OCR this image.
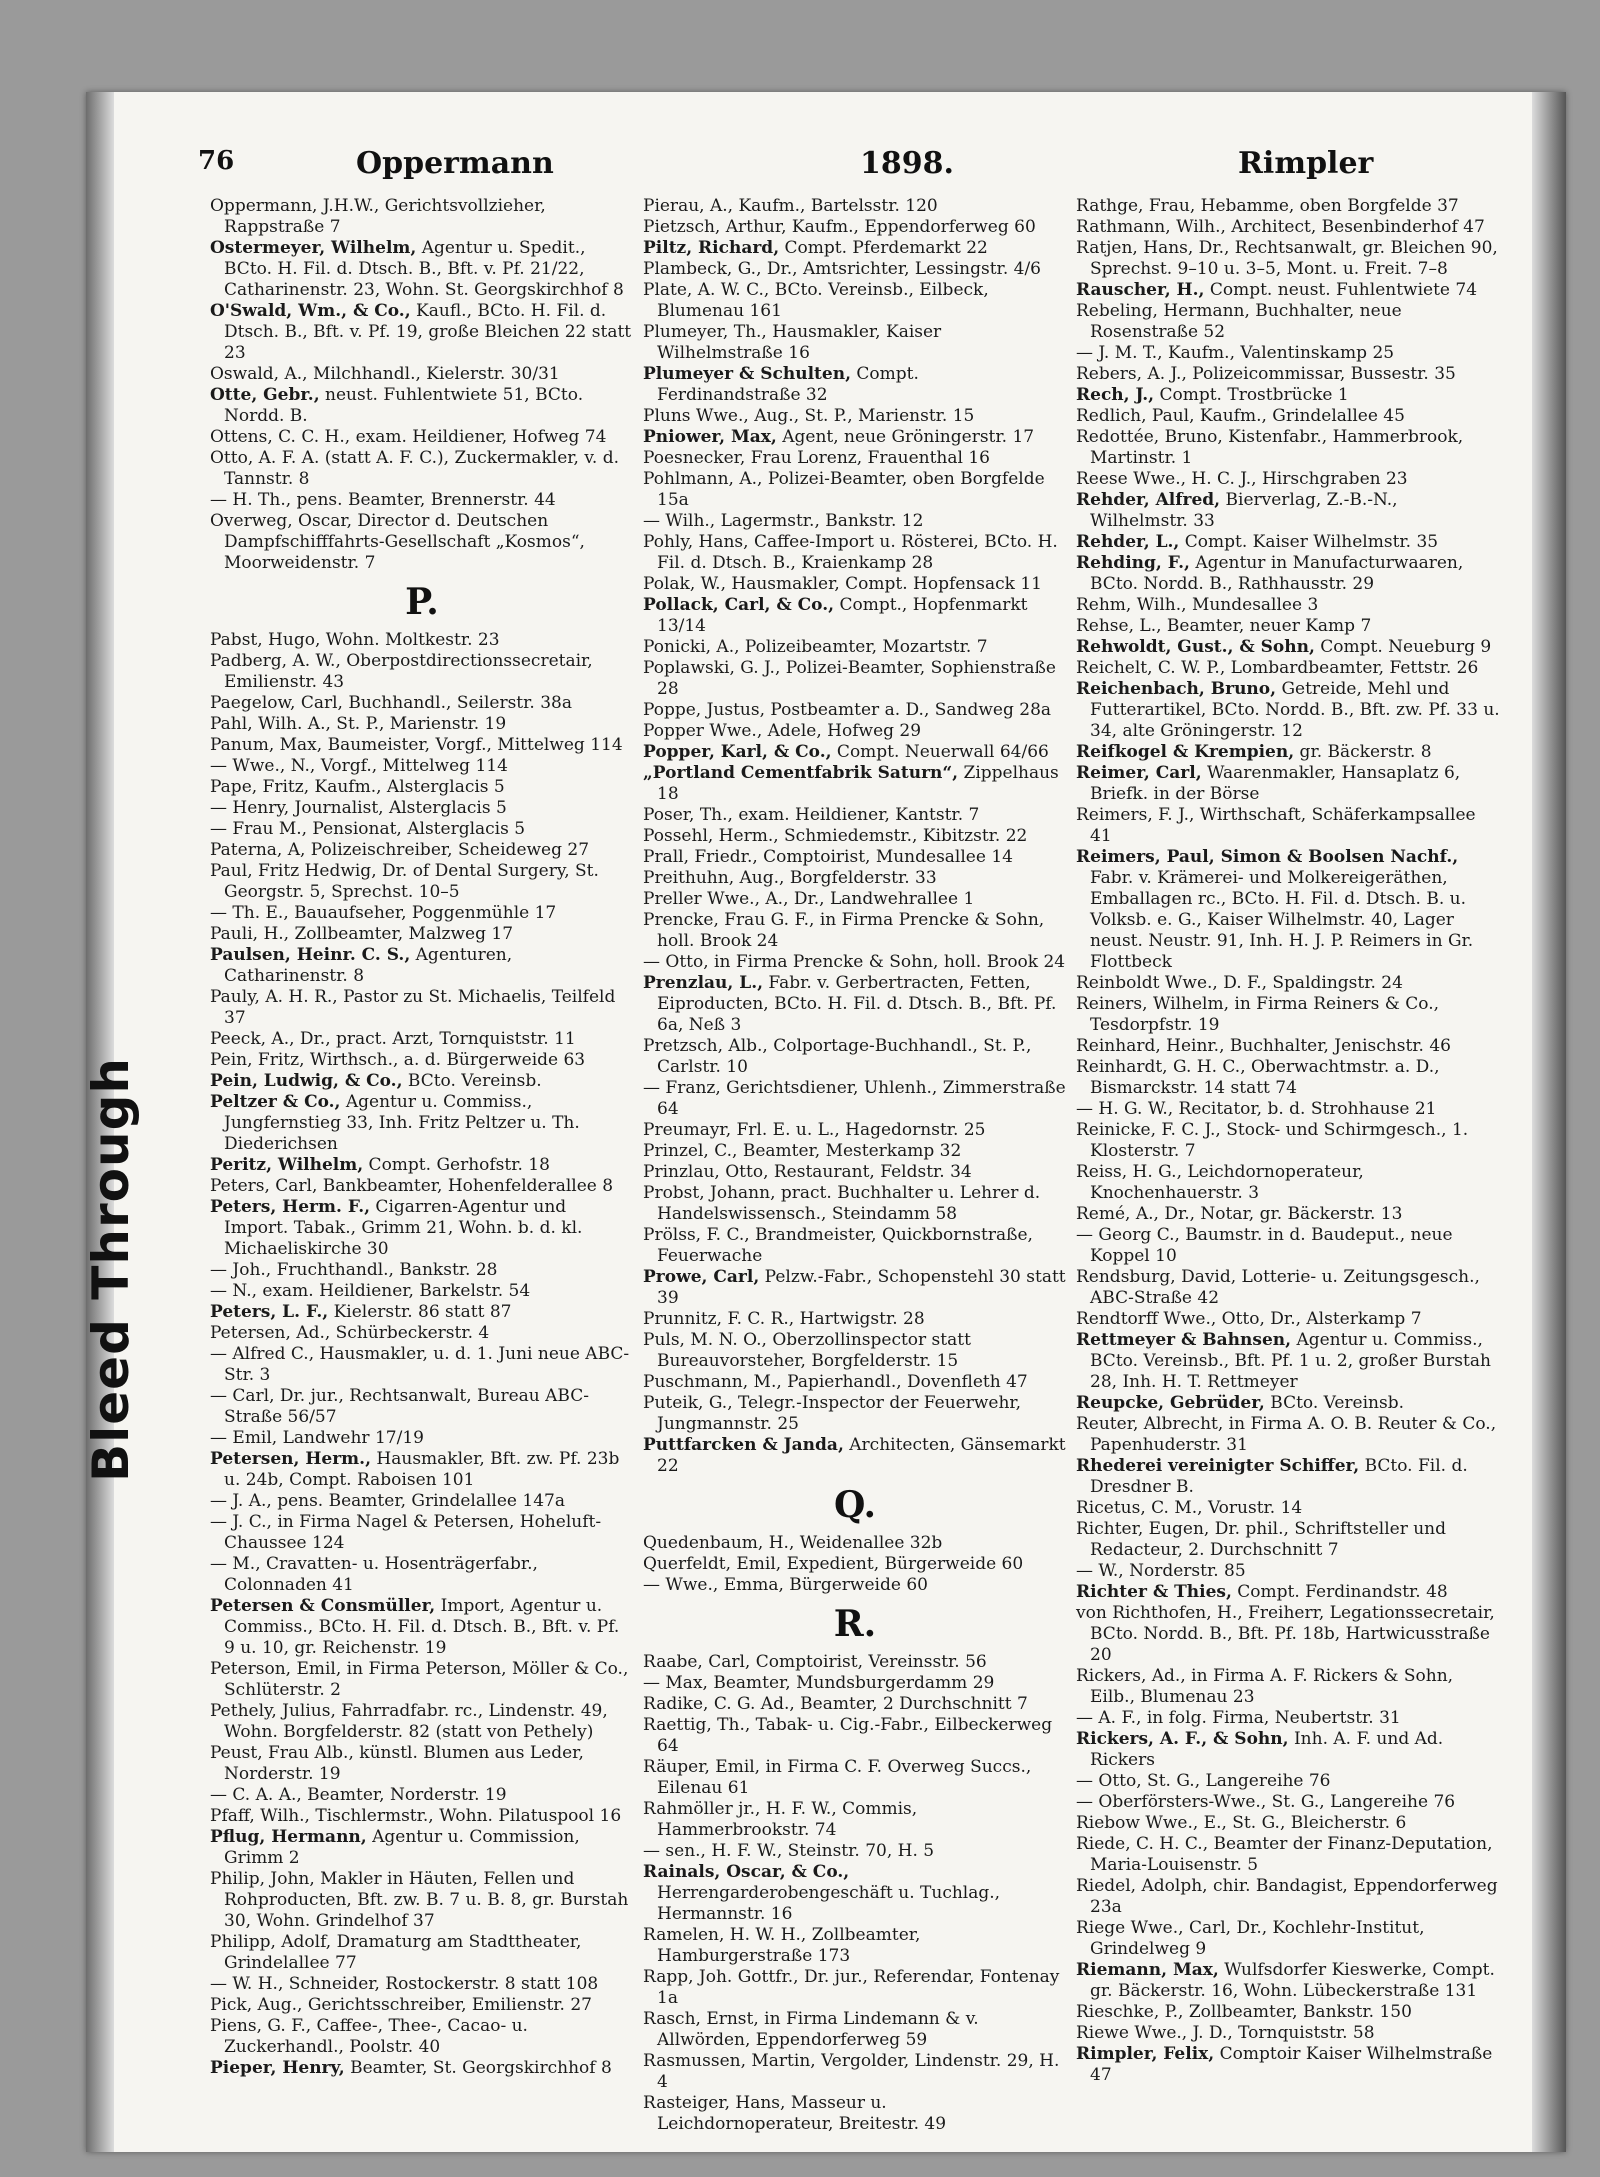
Bleed Through
76	Oppermann	1898.	Rimpler

Oppermann, J.H.W., Gerichtsvollzieher, Rappstraße 7

Ostermeyer, Wilhelm, Agentur u. Spedit., BCto. H. Fil. d. Dtsch. B., Bft. v. Pf. 21/22, Catharinenstr. 23, Wohn. St. Georgskirchhof 8

O'Swald, Wm., & Co., Kaufl., BCto. H. Fil. d. Dtsch. B., Bft. v. Pf. 19, große Bleichen 22 statt 23

Oswald, A., Milchhandl., Kielerstr. 30/31

Otte, Gebr., neust. Fuhlentwiete 51, BCto. Nordd. B.

Ottens, C. C. H., exam. Heildiener, Hofweg 74

Otto, A. F. A. (statt A. F. C.), Zuckermakler, v. d. Tannstr. 8

— H. Th., pens. Beamter, Brennerstr. 44

Overweg, Oscar, Director d. Deutschen Dampfschifffahrts-Gesellschaft „Kosmos“, Moorweidenstr. 7

P.

Pabst, Hugo, Wohn. Moltkestr. 23

Padberg, A. W., Oberpostdirectionssecretair, Emilienstr. 43

Paegelow, Carl, Buchhandl., Seilerstr. 38a

Pahl, Wilh. A., St. P., Marienstr. 19

Panum, Max, Baumeister, Vorgf., Mittelweg 114

— Wwe., N., Vorgf., Mittelweg 114

Pape, Fritz, Kaufm., Alsterglacis 5

— Henry, Journalist, Alsterglacis 5

— Frau M., Pensionat, Alsterglacis 5

Paterna, A, Polizeischreiber, Scheideweg 27

Paul, Fritz Hedwig, Dr. of Dental Surgery, St. Georgstr. 5, Sprechst. 10–5

— Th. E., Bauaufseher, Poggenmühle 17

Pauli, H., Zollbeamter, Malzweg 17

Paulsen, Heinr. C. S., Agenturen, Catharinenstr. 8

Pauly, A. H. R., Pastor zu St. Michaelis, Teilfeld 37

Peeck, A., Dr., pract. Arzt, Tornquiststr. 11

Pein, Fritz, Wirthsch., a. d. Bürgerweide 63

Pein, Ludwig, & Co., BCto. Vereinsb.

Peltzer & Co., Agentur u. Commiss., Jungfernstieg 33, Inh. Fritz Peltzer u. Th. Diederichsen

Peritz, Wilhelm, Compt. Gerhofstr. 18

Peters, Carl, Bankbeamter, Hohenfelderallee 8

Peters, Herm. F., Cigarren-Agentur und Import. Tabak., Grimm 21, Wohn. b. d. kl. Michaeliskirche 30

— Joh., Fruchthandl., Bankstr. 28

— N., exam. Heildiener, Barkelstr. 54

Peters, L. F., Kielerstr. 86 statt 87

Petersen, Ad., Schürbeckerstr. 4

— Alfred C., Hausmakler, u. d. 1. Juni neue ABC-Str. 3

— Carl, Dr. jur., Rechtsanwalt, Bureau ABC-Straße 56/57

— Emil, Landwehr 17/19

Petersen, Herm., Hausmakler, Bft. zw. Pf. 23b u. 24b, Compt. Raboisen 101

— J. A., pens. Beamter, Grindelallee 147a

— J. C., in Firma Nagel & Petersen, Hoheluft-Chaussee 124

— M., Cravatten- u. Hosenträgerfabr., Colonnaden 41

Petersen & Consmüller, Import, Agentur u. Commiss., BCto. H. Fil. d. Dtsch. B., Bft. v. Pf. 9 u. 10, gr. Reichenstr. 19

Peterson, Emil, in Firma Peterson, Möller & Co., Schlüterstr. 2

Pethely, Julius, Fahrradfabr. rc., Lindenstr. 49, Wohn. Borgfelderstr. 82 (statt von Pethely)

Peust, Frau Alb., künstl. Blumen aus Leder, Norderstr. 19

— C. A. A., Beamter, Norderstr. 19

Pfaff, Wilh., Tischlermstr., Wohn. Pilatuspool 16

Pflug, Hermann, Agentur u. Commission, Grimm 2

Philip, John, Makler in Häuten, Fellen und Rohproducten, Bft. zw. B. 7 u. B. 8, gr. Burstah 30, Wohn. Grindelhof 37

Philipp, Adolf, Dramaturg am Stadttheater, Grindelallee 77

— W. H., Schneider, Rostockerstr. 8 statt 108

Pick, Aug., Gerichtsschreiber, Emilienstr. 27

Piens, G. F., Caffee-, Thee-, Cacao- u. Zuckerhandl., Poolstr. 40

Pieper, Henry, Beamter, St. Georgskirchhof 8

Pierau, A., Kaufm., Bartelsstr. 120

Pietzsch, Arthur, Kaufm., Eppendorferweg 60

Piltz, Richard, Compt. Pferdemarkt 22

Plambeck, G., Dr., Amtsrichter, Lessingstr. 4/6

Plate, A. W. C., BCto. Vereinsb., Eilbeck, Blumenau 161

Plumeyer, Th., Hausmakler, Kaiser Wilhelmstraße 16

Plumeyer & Schulten, Compt. Ferdinandstraße 32

Pluns Wwe., Aug., St. P., Marienstr. 15

Pniower, Max, Agent, neue Gröningerstr. 17

Poesnecker, Frau Lorenz, Frauenthal 16

Pohlmann, A., Polizei-Beamter, oben Borgfelde 15a

— Wilh., Lagermstr., Bankstr. 12

Pohly, Hans, Caffee-Import u. Rösterei, BCto. H. Fil. d. Dtsch. B., Kraienkamp 28

Polak, W., Hausmakler, Compt. Hopfensack 11

Pollack, Carl, & Co., Compt., Hopfenmarkt 13/14

Ponicki, A., Polizeibeamter, Mozartstr. 7

Poplawski, G. J., Polizei-Beamter, Sophienstraße 28

Poppe, Justus, Postbeamter a. D., Sandweg 28a

Popper Wwe., Adele, Hofweg 29

Popper, Karl, & Co., Compt. Neuerwall 64/66

„Portland Cementfabrik Saturn“, Zippelhaus 18

Poser, Th., exam. Heildiener, Kantstr. 7

Possehl, Herm., Schmiedemstr., Kibitzstr. 22

Prall, Friedr., Comptoirist, Mundesallee 14

Preithuhn, Aug., Borgfelderstr. 33

Preller Wwe., A., Dr., Landwehrallee 1

Prencke, Frau G. F., in Firma Prencke & Sohn, holl. Brook 24

— Otto, in Firma Prencke & Sohn, holl. Brook 24

Prenzlau, L., Fabr. v. Gerbertracten, Fetten, Eiproducten, BCto. H. Fil. d. Dtsch. B., Bft. Pf. 6a, Neß 3

Pretzsch, Alb., Colportage-Buchhandl., St. P., Carlstr. 10

— Franz, Gerichtsdiener, Uhlenh., Zimmerstraße 64

Preumayr, Frl. E. u. L., Hagedornstr. 25

Prinzel, C., Beamter, Mesterkamp 32

Prinzlau, Otto, Restaurant, Feldstr. 34

Probst, Johann, pract. Buchhalter u. Lehrer d. Handelswissensch., Steindamm 58

Prölss, F. C., Brandmeister, Quickbornstraße, Feuerwache

Prowe, Carl, Pelzw.-Fabr., Schopenstehl 30 statt 39

Prunnitz, F. C. R., Hartwigstr. 28

Puls, M. N. O., Oberzollinspector statt Bureauvorsteher, Borgfelderstr. 15

Puschmann, M., Papierhandl., Dovenfleth 47

Puteik, G., Telegr.-Inspector der Feuerwehr, Jungmannstr. 25

Puttfarcken & Janda, Architecten, Gänsemarkt 22

Q.

Quedenbaum, H., Weidenallee 32b

Querfeldt, Emil, Expedient, Bürgerweide 60

— Wwe., Emma, Bürgerweide 60

R.

Raabe, Carl, Comptoirist, Vereinsstr. 56

— Max, Beamter, Mundsburgerdamm 29

Radike, C. G. Ad., Beamter, 2 Durchschnitt 7

Raettig, Th., Tabak- u. Cig.-Fabr., Eilbeckerweg 64

Räuper, Emil, in Firma C. F. Overweg Succs., Eilenau 61

Rahmöller jr., H. F. W., Commis, Hammerbrookstr. 74

— sen., H. F. W., Steinstr. 70, H. 5

Rainals, Oscar, & Co., Herrengarderobengeschäft u. Tuchlag., Hermannstr. 16

Ramelen, H. W. H., Zollbeamter, Hamburgerstraße 173

Rapp, Joh. Gottfr., Dr. jur., Referendar, Fontenay 1a

Rasch, Ernst, in Firma Lindemann & v. Allwörden, Eppendorferweg 59

Rasmussen, Martin, Vergolder, Lindenstr. 29, H. 4

Rasteiger, Hans, Masseur u. Leichdornoperateur, Breitestr. 49

Rathge, Frau, Hebamme, oben Borgfelde 37

Rathmann, Wilh., Architect, Besenbinderhof 47

Ratjen, Hans, Dr., Rechtsanwalt, gr. Bleichen 90, Sprechst. 9–10 u. 3–5, Mont. u. Freit. 7–8

Rauscher, H., Compt. neust. Fuhlentwiete 74

Rebeling, Hermann, Buchhalter, neue Rosenstraße 52

— J. M. T., Kaufm., Valentinskamp 25

Rebers, A. J., Polizeicommissar, Bussestr. 35

Rech, J., Compt. Trostbrücke 1

Redlich, Paul, Kaufm., Grindelallee 45

Redottée, Bruno, Kistenfabr., Hammerbrook, Martinstr. 1

Reese Wwe., H. C. J., Hirschgraben 23

Rehder, Alfred, Bierverlag, Z.-B.-N., Wilhelmstr. 33

Rehder, L., Compt. Kaiser Wilhelmstr. 35

Rehding, F., Agentur in Manufacturwaaren, BCto. Nordd. B., Rathhausstr. 29

Rehm, Wilh., Mundesallee 3

Rehse, L., Beamter, neuer Kamp 7

Rehwoldt, Gust., & Sohn, Compt. Neueburg 9

Reichelt, C. W. P., Lombardbeamter, Fettstr. 26

Reichenbach, Bruno, Getreide, Mehl und Futterartikel, BCto. Nordd. B., Bft. zw. Pf. 33 u. 34, alte Gröningerstr. 12

Reifkogel & Krempien, gr. Bäckerstr. 8

Reimer, Carl, Waarenmakler, Hansaplatz 6, Briefk. in der Börse

Reimers, F. J., Wirthschaft, Schäferkampsallee 41

Reimers, Paul, Simon & Boolsen Nachf., Fabr. v. Krämerei- und Molkereigeräthen, Emballagen rc., BCto. H. Fil. d. Dtsch. B. u. Volksb. e. G., Kaiser Wilhelmstr. 40, Lager neust. Neustr. 91, Inh. H. J. P. Reimers in Gr. Flottbeck

Reinboldt Wwe., D. F., Spaldingstr. 24

Reiners, Wilhelm, in Firma Reiners & Co., Tesdorpfstr. 19

Reinhard, Heinr., Buchhalter, Jenischstr. 46

Reinhardt, G. H. C., Oberwachtmstr. a. D., Bismarckstr. 14 statt 74

— H. G. W., Recitator, b. d. Strohhause 21

Reinicke, F. C. J., Stock- und Schirmgesch., 1. Klosterstr. 7

Reiss, H. G., Leichdornoperateur, Knochenhauerstr. 3

Remé, A., Dr., Notar, gr. Bäckerstr. 13

— Georg C., Baumstr. in d. Baudeput., neue Koppel 10

Rendsburg, David, Lotterie- u. Zeitungsgesch., ABC-Straße 42

Rendtorff Wwe., Otto, Dr., Alsterkamp 7

Rettmeyer & Bahnsen, Agentur u. Commiss., BCto. Vereinsb., Bft. Pf. 1 u. 2, großer Burstah 28, Inh. H. T. Rettmeyer

Reupcke, Gebrüder, BCto. Vereinsb.

Reuter, Albrecht, in Firma A. O. B. Reuter & Co., Papenhuderstr. 31

Rhederei vereinigter Schiffer, BCto. Fil. d. Dresdner B.

Ricetus, C. M., Vorustr. 14

Richter, Eugen, Dr. phil., Schriftsteller und Redacteur, 2. Durchschnitt 7

— W., Norderstr. 85

Richter & Thies, Compt. Ferdinandstr. 48

von Richthofen, H., Freiherr, Legationssecretair, BCto. Nordd. B., Bft. Pf. 18b, Hartwicusstraße 20

Rickers, Ad., in Firma A. F. Rickers & Sohn, Eilb., Blumenau 23

— A. F., in folg. Firma, Neubertstr. 31

Rickers, A. F., & Sohn, Inh. A. F. und Ad. Rickers

— Otto, St. G., Langereihe 76

— Oberförsters-Wwe., St. G., Langereihe 76

Riebow Wwe., E., St. G., Bleicherstr. 6

Riede, C. H. C., Beamter der Finanz-Deputation, Maria-Louisenstr. 5

Riedel, Adolph, chir. Bandagist, Eppendorferweg 23a

Riege Wwe., Carl, Dr., Kochlehr-Institut, Grindelweg 9

Riemann, Max, Wulfsdorfer Kieswerke, Compt. gr. Bäckerstr. 16, Wohn. Lübeckerstraße 131

Rieschke, P., Zollbeamter, Bankstr. 150

Riewe Wwe., J. D., Tornquiststr. 58

Rimpler, Felix, Comptoir Kaiser Wilhelmstraße 47
